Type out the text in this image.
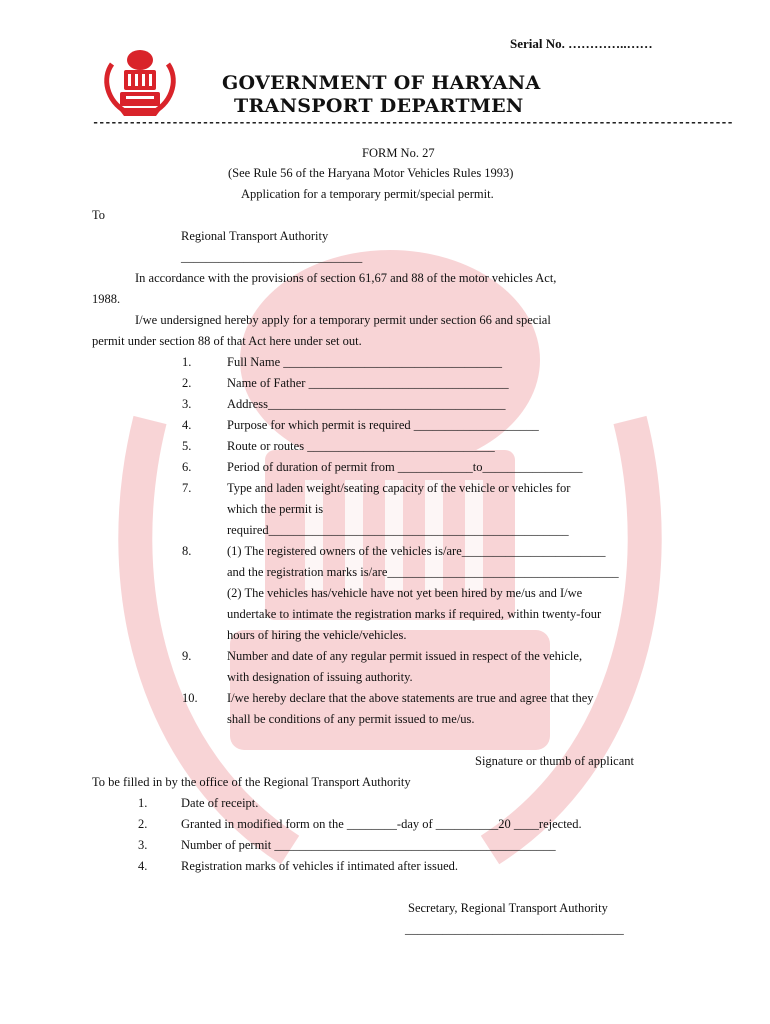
Serial No. …………..……
GOVERNMENT OF HARYANA
TRANSPORT DEPARTMEN
---------------------------------------------------------------------------------------------------------
FORM No. 27
(See Rule 56 of the Haryana Motor Vehicles Rules 1993)
Application for a temporary permit/special permit.
To
Regional Transport Authority
_____________________________
In accordance with the provisions of section 61,67 and 88 of the motor vehicles Act,
1988.
I/we undersigned hereby apply for a temporary permit under section 66 and special
permit under section 88 of that Act here under set out.
1.	Full Name ___________________________________
2.	Name of Father ________________________________
3.	Address______________________________________
4.	Purpose for which permit is required ____________________
5.	Route or routes ______________________________
6.	Period of duration of permit from ____________to________________
7.	Type and laden weight/seating capacity of the vehicle or vehicles for
which the permit is
required________________________________________________
8.	(1) The registered owners of the vehicles is/are_______________________
and the registration marks is/are_____________________________________
(2) The vehicles has/vehicle have not yet been hired by me/us and I/we
undertake to intimate the registration marks if required, within twenty-four
hours of hiring the vehicle/vehicles.
9.	Number and date of any regular permit issued in respect of the vehicle,
with designation of issuing authority.
10. I/we hereby declare that the above statements are true and agree that they
shall be conditions of any permit issued to me/us.
Signature or thumb of applicant
To be filled in by the office of the Regional Transport Authority
1.	Date of receipt.
2.	Granted in modified form on the ________-day of __________20 ____rejected.
3.	Number of permit _____________________________________________
4.	Registration marks of vehicles if intimated after issued.
Secretary, Regional Transport Authority
___________________________________
